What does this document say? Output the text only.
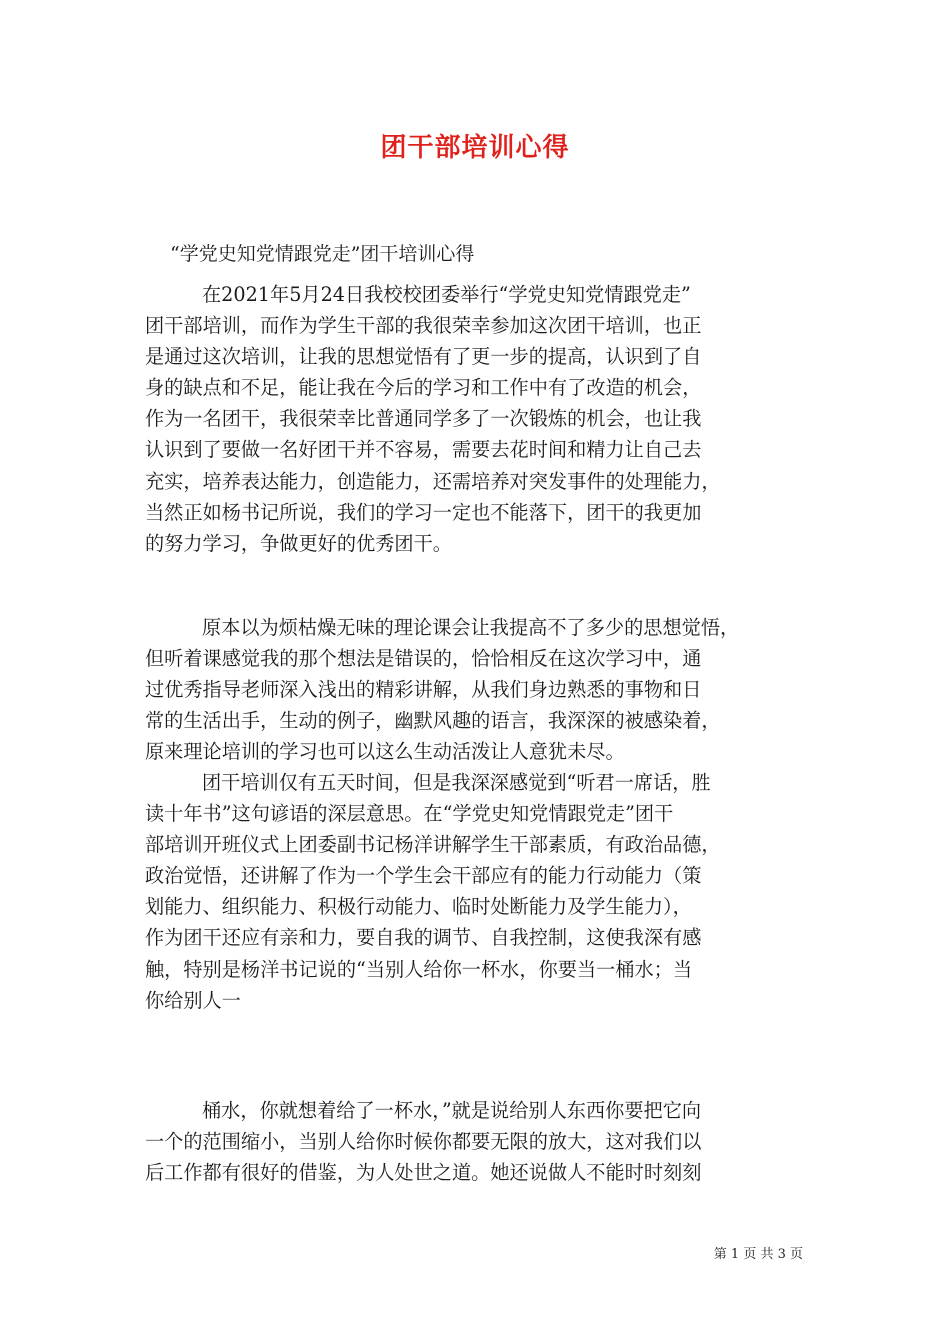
团干部培训心得
“学党史知党情跟党走”团干培训心得
在2021年5月24日我校校团委举行“学党史知党情跟党走”
团干部培训，而作为学生干部的我很荣幸参加这次团干培训，也正
是通过这次培训，让我的思想觉悟有了更一步的提高，认识到了自
身的缺点和不足，能让我在今后的学习和工作中有了改造的机会，
作为一名团干，我很荣幸比普通同学多了一次锻炼的机会，也让我
认识到了要做一名好团干并不容易，需要去花时间和精力让自己去
充实，培养表达能力，创造能力，还需培养对突发事件的处理能力，
当然正如杨书记所说，我们的学习一定也不能落下，团干的我更加
的努力学习，争做更好的优秀团干。
原本以为烦枯燥无味的理论课会让我提高不了多少的思想觉悟，
但听着课感觉我的那个想法是错误的，恰恰相反在这次学习中，通
过优秀指导老师深入浅出的精彩讲解，从我们身边熟悉的事物和日
常的生活出手，生动的例子，幽默风趣的语言，我深深的被感染着，
原来理论培训的学习也可以这么生动活泼让人意犹未尽。
团干培训仅有五天时间，但是我深深感觉到“听君一席话，胜
读十年书”这句谚语的深层意思。在“学党史知党情跟党走”团干
部培训开班仪式上团委副书记杨洋讲解学生干部素质，有政治品德，
政治觉悟，还讲解了作为一个学生会干部应有的能力行动能力（策
划能力、组织能力、积极行动能力、临时处断能力及学生能力），
作为团干还应有亲和力，要自我的调节、自我控制，这使我深有感
触，特别是杨洋书记说的“当别人给你一杯水，你要当一桶水；当
你给别人一
桶水，你就想着给了一杯水，”就是说给别人东西你要把它向
一个的范围缩小，当别人给你时候你都要无限的放大，这对我们以
后工作都有很好的借鉴，为人处世之道。她还说做人不能时时刻刻
第 1 页 共 3 页
